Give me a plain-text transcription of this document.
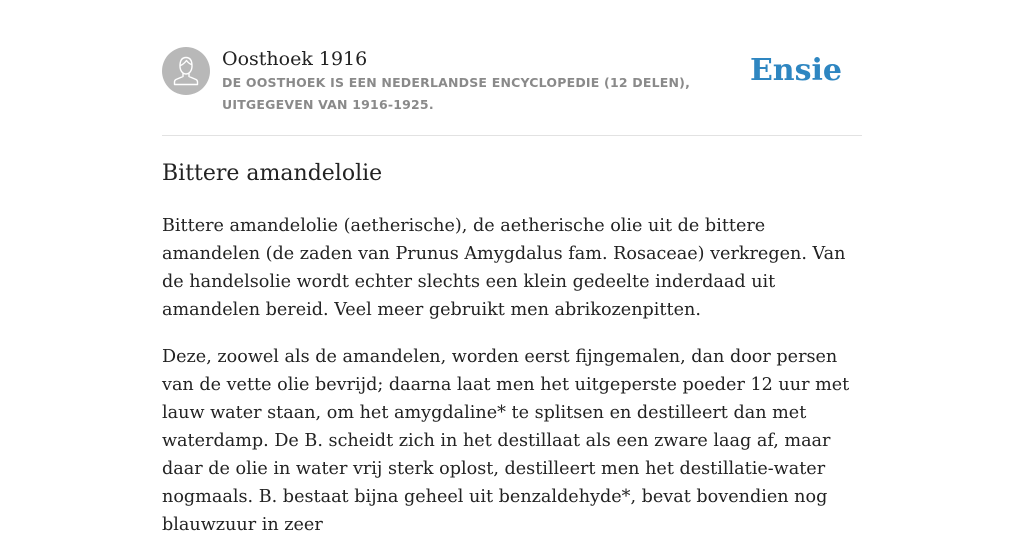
Oosthoek 1916
DE OOSTHOEK IS EEN NEDERLANDSE ENCYCLOPEDIE (12 DELEN), UITGEGEVEN VAN 1916-1925.
Ensie
Bittere amandelolie

Bittere amandelolie (aetherische), de aetherische olie uit de bittere amandelen (de zaden van Prunus Amygdalus fam. Rosaceae) verkregen. Van de handelsolie wordt echter slechts een klein gedeelte inderdaad uit amandelen bereid. Veel meer gebruikt men abrikozenpitten.

Deze, zoowel als de amandelen, worden eerst fijngemalen, dan door persen van de vette olie bevrijd; daarna laat men het uitgeperste poeder 12 uur met lauw water staan, om het amygdaline* te splitsen en destilleert dan met waterdamp. De B. scheidt zich in het destillaat als een zware laag af, maar daar de olie in water vrij sterk oplost, destilleert men het destillatie-water nogmaals. B. bestaat bijna geheel uit benzaldehyde*, bevat bovendien nog blauwzuur in zeer
